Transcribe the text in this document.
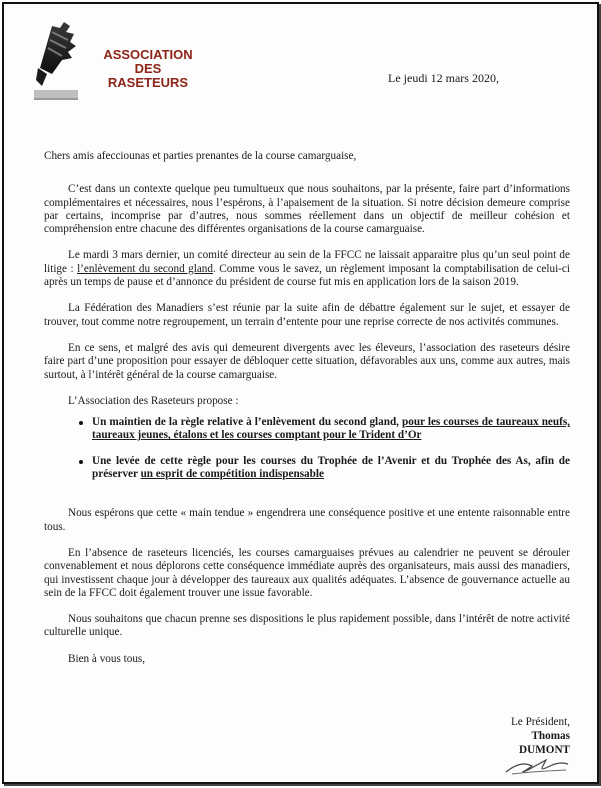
ASSOCIATION
DES
RASETEURS	Le jeudi 12 mars 2020,

Chers amis afecciounas et parties prenantes de la course camarguaise,

C’est dans un contexte quelque peu tumultueux que nous souhaitons, par la présente, faire part d’informations complémentaires et nécessaires, nous l’espérons, à l’apaisement de la situation. Si notre décision demeure comprise par certains, incomprise par d’autres, nous sommes réellement dans un objectif de meilleur cohésion et compréhension entre chacune des différentes organisations de la course camarguaise.

Le mardi 3 mars dernier, un comité directeur au sein de la FFCC ne laissait apparaitre plus qu’un seul point de litige : l’enlèvement du second gland. Comme vous le savez, un règlement imposant la comptabilisation de celui-ci après un temps de pause et d’annonce du président de course fut mis en application lors de la saison 2019.

La Fédération des Manadiers s’est réunie par la suite afin de débattre également sur le sujet, et essayer de trouver, tout comme notre regroupement, un terrain d’entente pour une reprise correcte de nos activités communes.

En ce sens, et malgré des avis qui demeurent divergents avec les éleveurs, l’association des raseteurs désire faire part d’une proposition pour essayer de débloquer cette situation, défavorables aux uns, comme aux autres, mais surtout, à l’intérêt général de la course camarguaise.

L’Association des Raseteurs propose :

Un maintien de la règle relative à l’enlèvement du second gland, pour les courses de taureaux neufs, taureaux jeunes, étalons et les courses comptant pour le Trident d’Or
Une levée de cette règle pour les courses du Trophée de l’Avenir et du Trophée des As, afin de préserver un esprit de compétition indispensable

Nous espérons que cette « main tendue » engendrera une conséquence positive et une entente raisonnable entre tous.

En l’absence de raseteurs licenciés, les courses camarguaises prévues au calendrier ne peuvent se dérouler convenablement et nous déplorons cette conséquence immédiate auprès des organisateurs, mais aussi des manadiers, qui investissent chaque jour à développer des taureaux aux qualités adéquates. L’absence de gouvernance actuelle au sein de la FFCC doit également trouver une issue favorable.

Nous souhaitons que chacun prenne ses dispositions le plus rapidement possible, dans l’intérêt de notre activité culturelle unique.

Bien à vous tous,

Le Président,
Thomas DUMONT
